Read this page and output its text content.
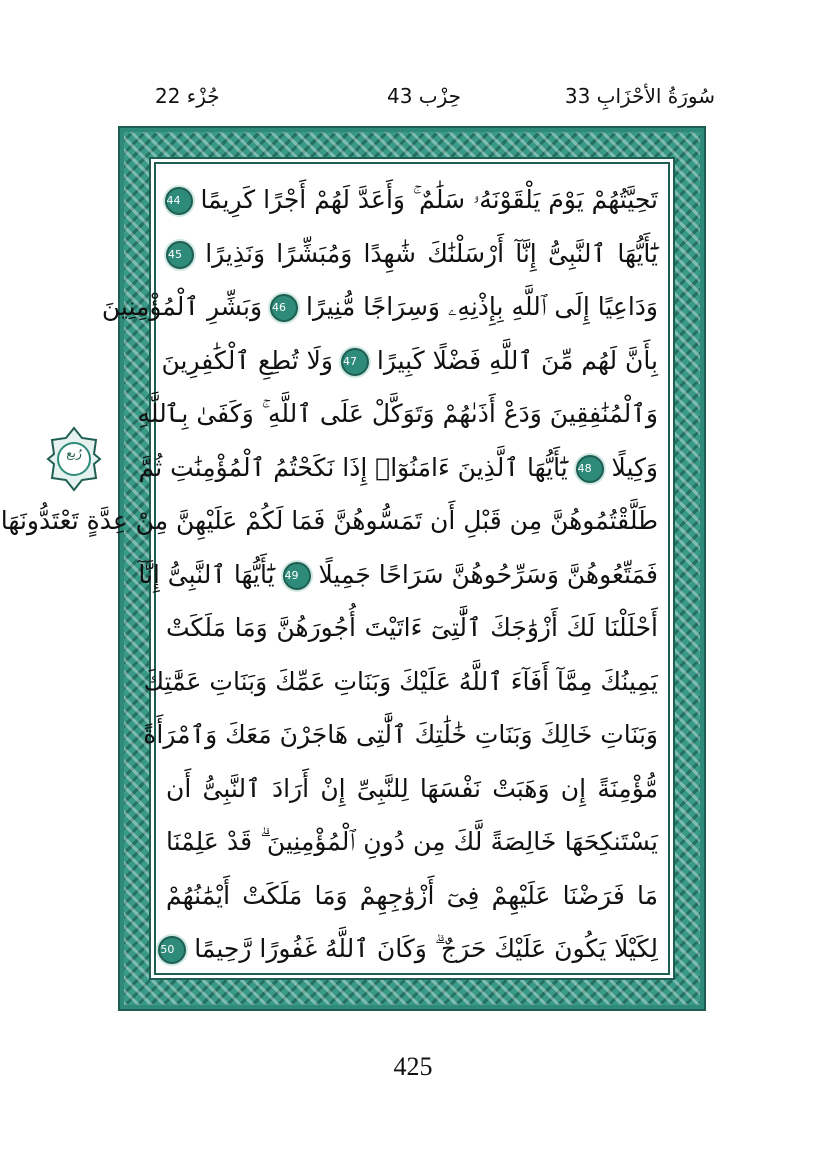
جُزْء 22	حِزْب 43	33 سُورَةُ الأحْزَابِ
رُبع
تَحِيَّتُهُمْ يَوْمَ يَلْقَوْنَهُۥ سَلَٰمٌ ۚ وَأَعَدَّ لَهُمْ أَجْرًا كَرِيمًا 44
يَٰٓأَيُّهَا ٱلنَّبِىُّ إِنَّآ أَرْسَلْنَٰكَ شَٰهِدًا وَمُبَشِّرًا وَنَذِيرًا 45
وَدَاعِيًا إِلَى ٱللَّهِ بِإِذْنِهِۦ وَسِرَاجًا مُّنِيرًا 46 وَبَشِّرِ ٱلْمُؤْمِنِينَ
بِأَنَّ لَهُم مِّنَ ٱللَّهِ فَضْلًا كَبِيرًا 47 وَلَا تُطِعِ ٱلْكَٰفِرِينَ
وَٱلْمُنَٰفِقِينَ وَدَعْ أَذَىٰهُمْ وَتَوَكَّلْ عَلَى ٱللَّهِ ۚ وَكَفَىٰ بِٱللَّهِ
وَكِيلًا 48 يَٰٓأَيُّهَا ٱلَّذِينَ ءَامَنُوٓا۟ إِذَا نَكَحْتُمُ ٱلْمُؤْمِنَٰتِ ثُمَّ
طَلَّقْتُمُوهُنَّ مِن قَبْلِ أَن تَمَسُّوهُنَّ فَمَا لَكُمْ عَلَيْهِنَّ مِنْ عِدَّةٍ تَعْتَدُّونَهَا
فَمَتِّعُوهُنَّ وَسَرِّحُوهُنَّ سَرَاحًا جَمِيلًا 49 يَٰٓأَيُّهَا ٱلنَّبِىُّ إِنَّآ
أَحْلَلْنَا لَكَ أَزْوَٰجَكَ ٱلَّٰتِىٓ ءَاتَيْتَ أُجُورَهُنَّ وَمَا مَلَكَتْ
يَمِينُكَ مِمَّآ أَفَآءَ ٱللَّهُ عَلَيْكَ وَبَنَاتِ عَمِّكَ وَبَنَاتِ عَمَّٰتِكَ
وَبَنَاتِ خَالِكَ وَبَنَاتِ خَٰلَٰتِكَ ٱلَّٰتِى هَاجَرْنَ مَعَكَ وَٱمْرَأَةً
مُّؤْمِنَةً إِن وَهَبَتْ نَفْسَهَا لِلنَّبِىِّ إِنْ أَرَادَ ٱلنَّبِىُّ أَن
يَسْتَنكِحَهَا خَالِصَةً لَّكَ مِن دُونِ ٱلْمُؤْمِنِينَ ۗ قَدْ عَلِمْنَا
مَا فَرَضْنَا عَلَيْهِمْ فِىٓ أَزْوَٰجِهِمْ وَمَا مَلَكَتْ أَيْمَٰنُهُمْ
لِكَيْلَا يَكُونَ عَلَيْكَ حَرَجٌ ۗ وَكَانَ ٱللَّهُ غَفُورًا رَّحِيمًا 50
425
